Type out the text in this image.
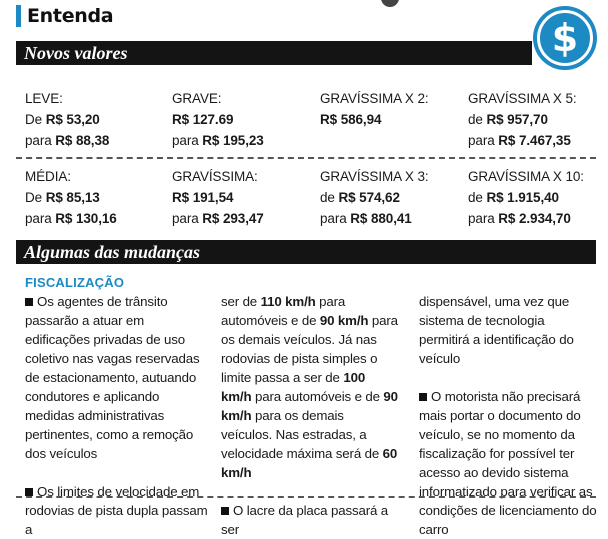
Entenda	$
Novos valores
LEVE:
De R$ 53,20
para R$ 88,38
GRAVE:
R$ 127.69
para R$ 195,23
GRAVÍSSIMA X 2:
R$ 586,94

GRAVÍSSIMA X 5:
de R$ 957,70
para R$ 7.467,35
MÉDIA:
De R$ 85,13
para R$ 130,16
GRAVÍSSIMA:
R$ 191,54
para R$ 293,47
GRAVÍSSIMA X 3:
de R$ 574,62
para R$ 880,41
GRAVÍSSIMA X 10:
de R$ 1.915,40
para R$ 2.934,70
Algumas das mudanças
FISCALIZAÇÃO

Os agentes de trânsito passarão a atuar em edificações privadas de uso coletivo nas vagas reservadas de estacionamento, autuando condutores e aplicando medidas administrativas pertinentes, como a remoção dos veículos

Os limites de velocidade em rodovias de pista dupla passam a

ser de 110 km/h para automóveis e de 90 km/h para os demais veículos. Já nas rodovias de pista simples o limite passa a ser de 100 km/h para automóveis e de 90 km/h para os demais veículos. Nas estradas, a velocidade máxima será de 60 km/h

O lacre da placa passará a ser

dispensável, uma vez que sistema de tecnologia permitirá a identificação do veículo

O motorista não precisará mais portar o documento do veículo, se no momento da fiscalização for possível ter acesso ao devido sistema informatizado para verificar as condições de licenciamento do carro
